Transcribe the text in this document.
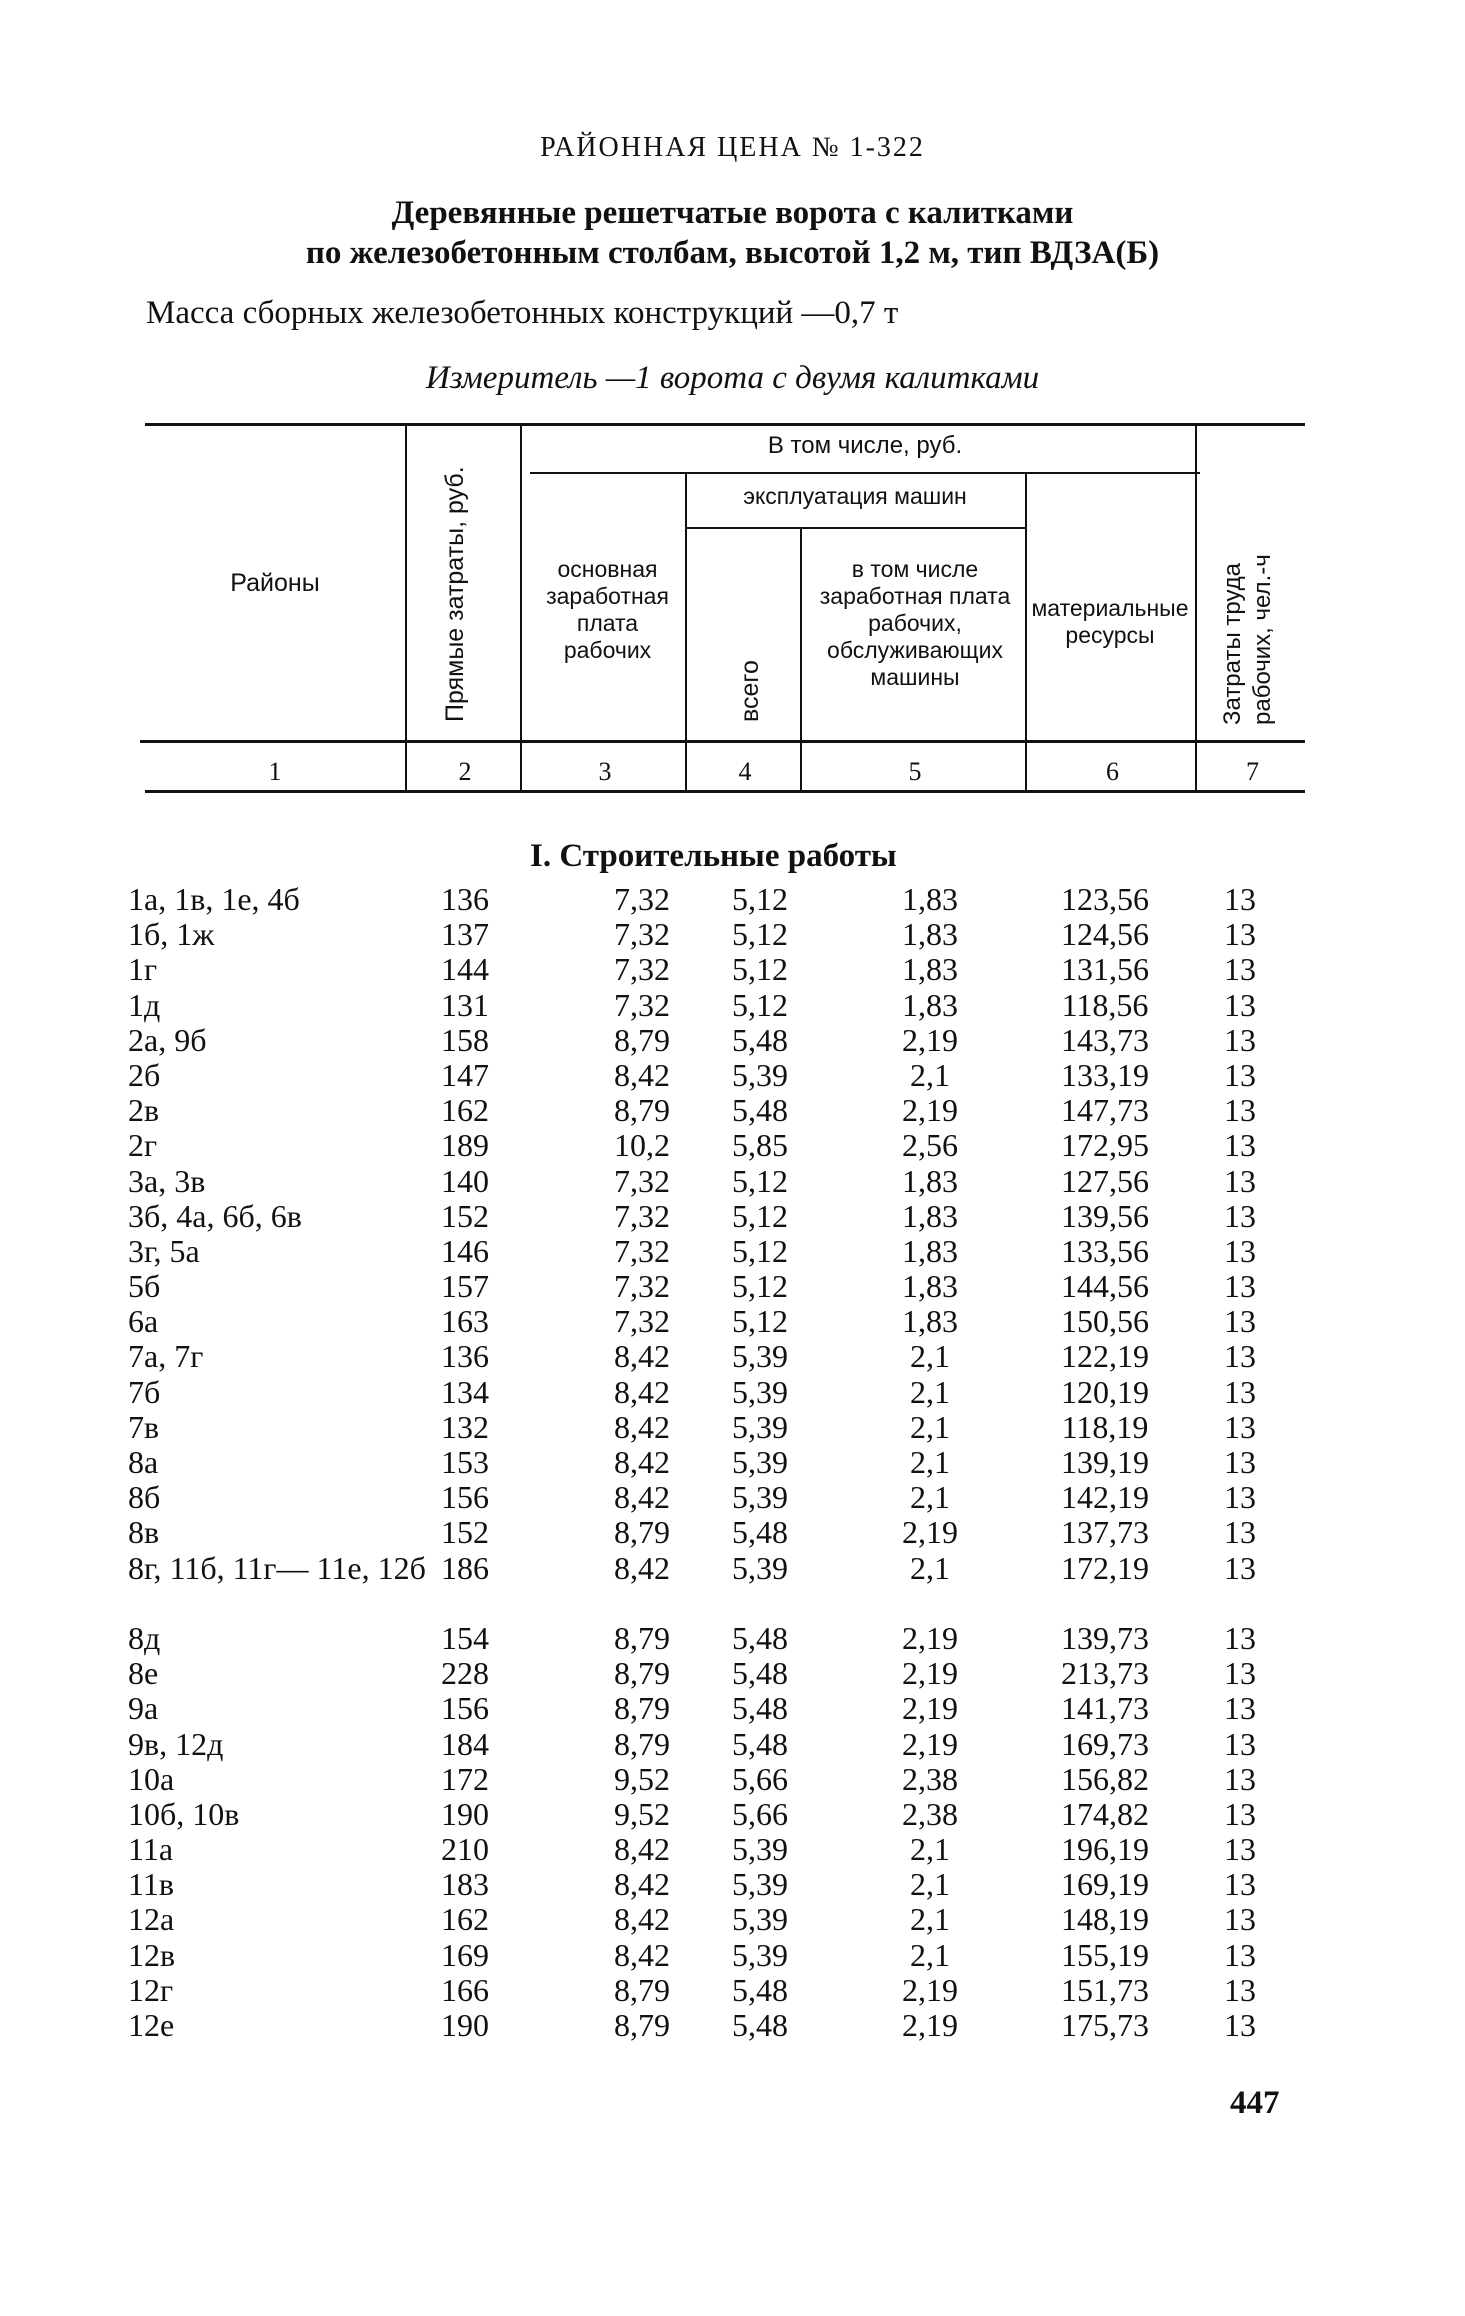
РАЙОННАЯ ЦЕНА № 1-322
Деревянные решетчатые ворота с калитками
по железобетонным столбам, высотой 1,2 м, тип ВДЗА(Б)
Масса сборных железобетонных конструкций —0,7 т
Измеритель —1 ворота с двумя калитками
Районы	Прямые затраты, руб.
В том числе, руб.
основная заработная плата рабочих
эксплуатация машин
всего
в том числе заработная плата рабочих, обслуживающих машины
материальные ресурсы	Затраты труда рабочих, чел.-ч
1	2	3	4	5	6	7
I. Строительные работы
1а, 1в, 1е, 4б	136	7,32	5,12	1,83	123,56	13
1б, 1ж	137	7,32	5,12	1,83	124,56	13
1г	144	7,32	5,12	1,83	131,56	13
1д	131	7,32	5,12	1,83	118,56	13
2а, 9б	158	8,79	5,48	2,19	143,73	13
2б	147	8,42	5,39	2,1	133,19	13
2в	162	8,79	5,48	2,19	147,73	13
2г	189	10,2	5,85	2,56	172,95	13
3а, 3в	140	7,32	5,12	1,83	127,56	13
3б, 4а, 6б, 6в	152	7,32	5,12	1,83	139,56	13
3г, 5а	146	7,32	5,12	1,83	133,56	13
5б	157	7,32	5,12	1,83	144,56	13
6а	163	7,32	5,12	1,83	150,56	13
7а, 7г	136	8,42	5,39	2,1	122,19	13
7б	134	8,42	5,39	2,1	120,19	13
7в	132	8,42	5,39	2,1	118,19	13
8а	153	8,42	5,39	2,1	139,19	13
8б	156	8,42	5,39	2,1	142,19	13
8в	152	8,79	5,48	2,19	137,73	13
8г, 11б, 11г— 11е, 12б 186	8,42	5,39	2,1	172,19	13
8д	154	8,79	5,48	2,19	139,73	13
8е	228	8,79	5,48	2,19	213,73	13
9а	156	8,79	5,48	2,19	141,73	13
9в, 12д	184	8,79	5,48	2,19	169,73	13
10а	172	9,52	5,66	2,38	156,82	13
10б, 10в	190	9,52	5,66	2,38	174,82	13
11а	210	8,42	5,39	2,1	196,19	13
11в	183	8,42	5,39	2,1	169,19	13
12а	162	8,42	5,39	2,1	148,19	13
12в	169	8,42	5,39	2,1	155,19	13
12г	166	8,79	5,48	2,19	151,73	13
12е	190	8,79	5,48	2,19	175,73	13
447
